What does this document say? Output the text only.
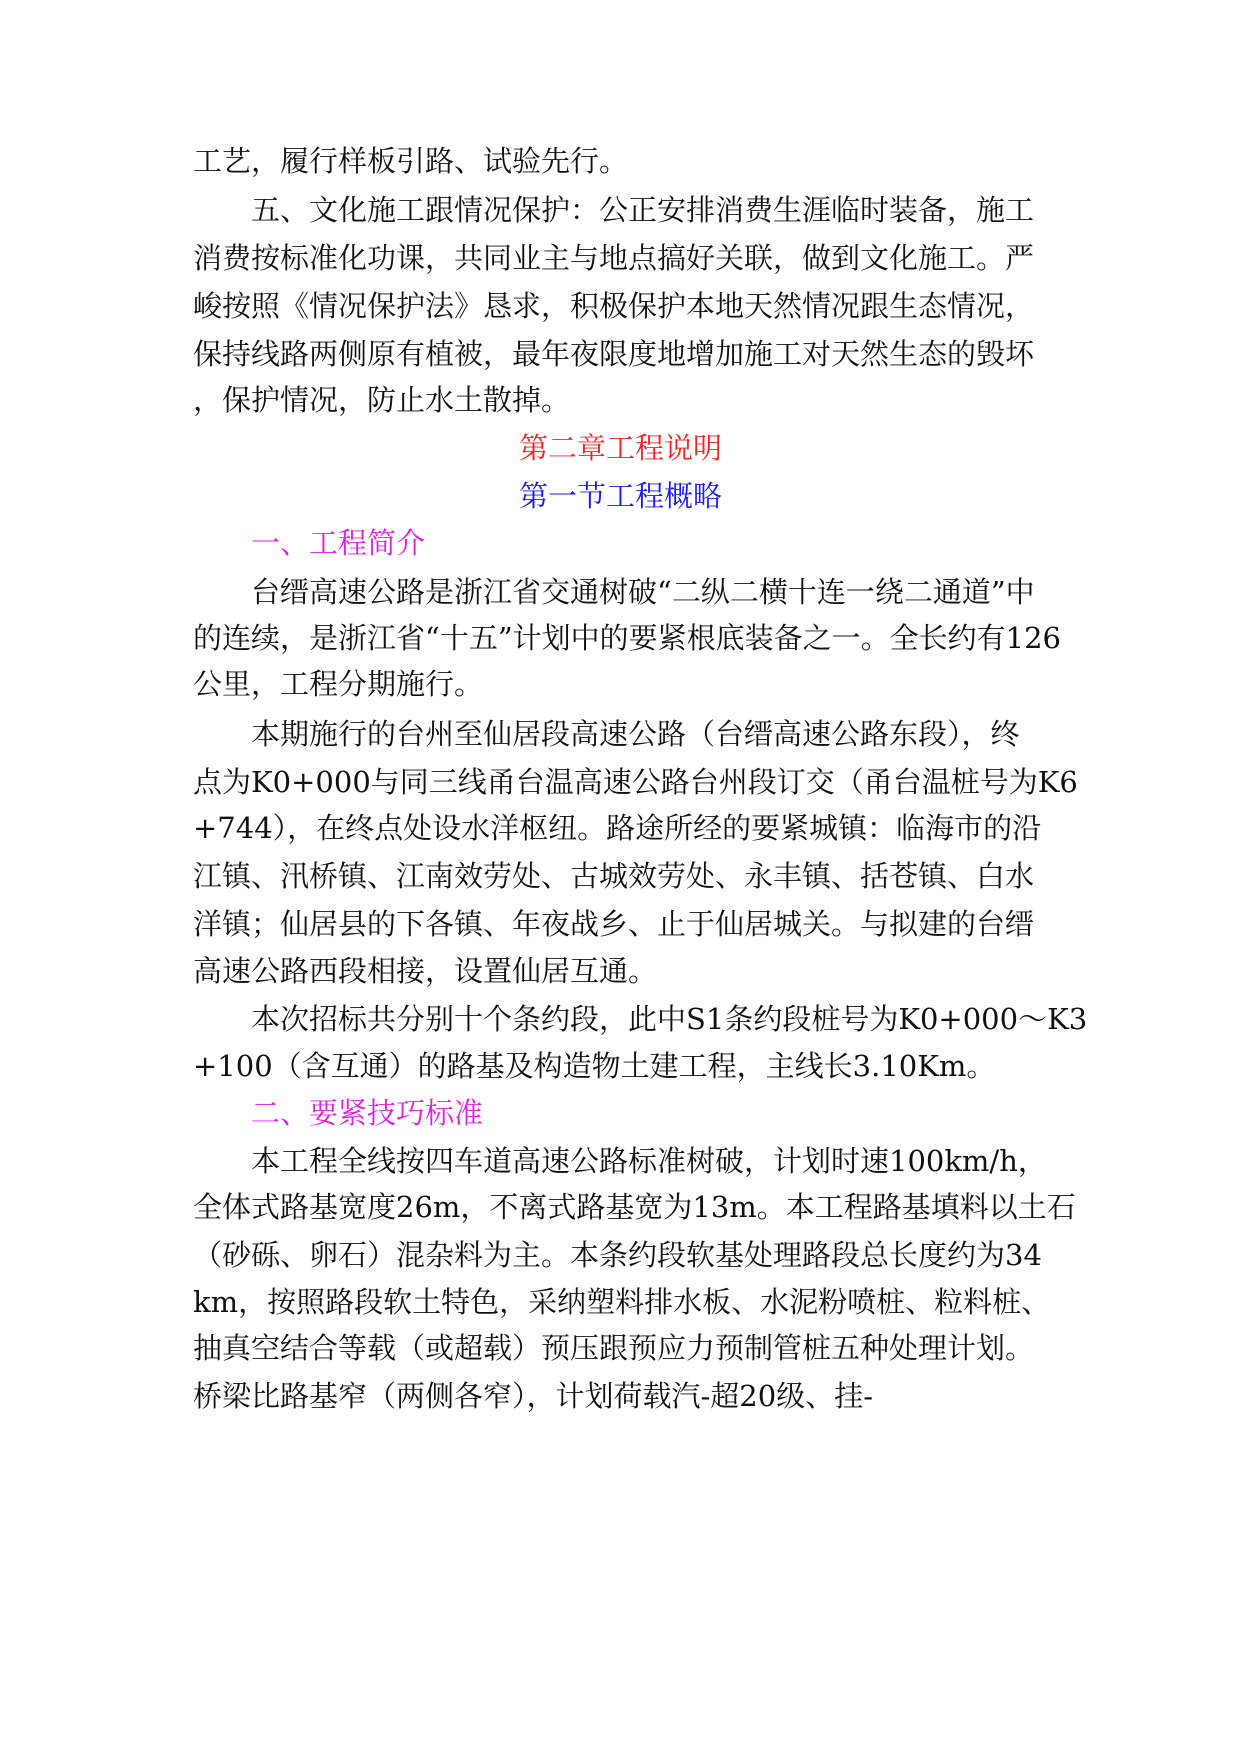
工艺，履行样板引路、试验先行。

五、文化施工跟情况保护：公正安排消费生涯临时装备，施工

消费按标准化功课，共同业主与地点搞好关联，做到文化施工。严

峻按照《情况保护法》恳求，积极保护本地天然情况跟生态情况，

保持线路两侧原有植被，最年夜限度地增加施工对天然生态的毁坏

，保护情况，防止水土散掉。

第二章工程说明

第一节工程概略

一、工程简介

台缙高速公路是浙江省交通树破“二纵二横十连一绕二通道”中

的连续，是浙江省“十五”计划中的要紧根底装备之一。全长约有126

公里，工程分期施行。

本期施行的台州至仙居段高速公路（台缙高速公路东段），终

点为K0+000与同三线甬台温高速公路台州段订交（甬台温桩号为K6

+744），在终点处设水洋枢纽。路途所经的要紧城镇：临海市的沿

江镇、汛桥镇、江南效劳处、古城效劳处、永丰镇、括苍镇、白水

洋镇；仙居县的下各镇、年夜战乡、止于仙居城关。与拟建的台缙

高速公路西段相接，设置仙居互通。

本次招标共分别十个条约段，此中S1条约段桩号为K0+000～K3

+100（含互通）的路基及构造物土建工程，主线长3.10Km。

二、要紧技巧标准

本工程全线按四车道高速公路标准树破，计划时速100km/h，

全体式路基宽度26m，不离式路基宽为13m。本工程路基填料以土石

（砂砾、卵石）混杂料为主。本条约段软基处理路段总长度约为34

km，按照路段软土特色，采纳塑料排水板、水泥粉喷桩、粒料桩、

抽真空结合等载（或超载）预压跟预应力预制管桩五种处理计划。

桥梁比路基窄（两侧各窄），计划荷载汽-超20级、挂-
